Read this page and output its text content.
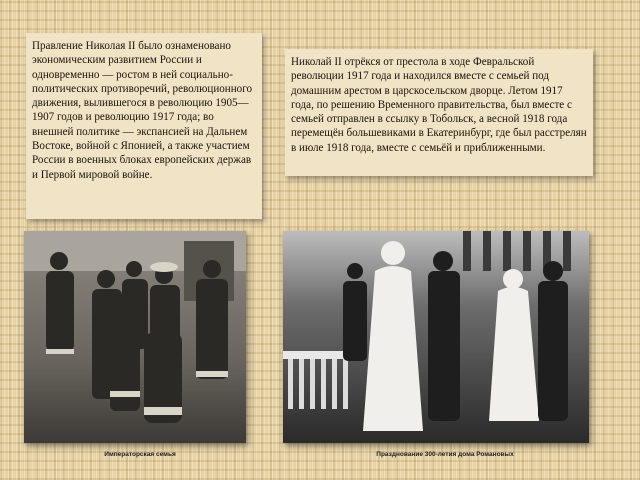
Правление Николая II было ознаменовано экономическим развитием России и одновременно — ростом в ней социально-политических противоречий, революционного движения, вылившегося в революцию 1905—1907 годов и революцию 1917 года; во внешней политике — экспансией на Дальнем Востоке, войной с Японией, а также участием России в военных блоках европейских держав и Первой мировой войне.
Николай II отрёкся от престола в ходе Февральской революции 1917 года и находился вместе с семьей под домашним арестом в царскосельском дворце. Летом 1917 года, по решению Временного правительства, был вместе с семьей отправлен в ссылку в Тобольск, а весной 1918 года перемещён большевиками в Екатеринбург, где был расстрелян в июле 1918 года, вместе с семьёй и приближенными.
Императорская семья	Празднование 300-летия дома Романовых
